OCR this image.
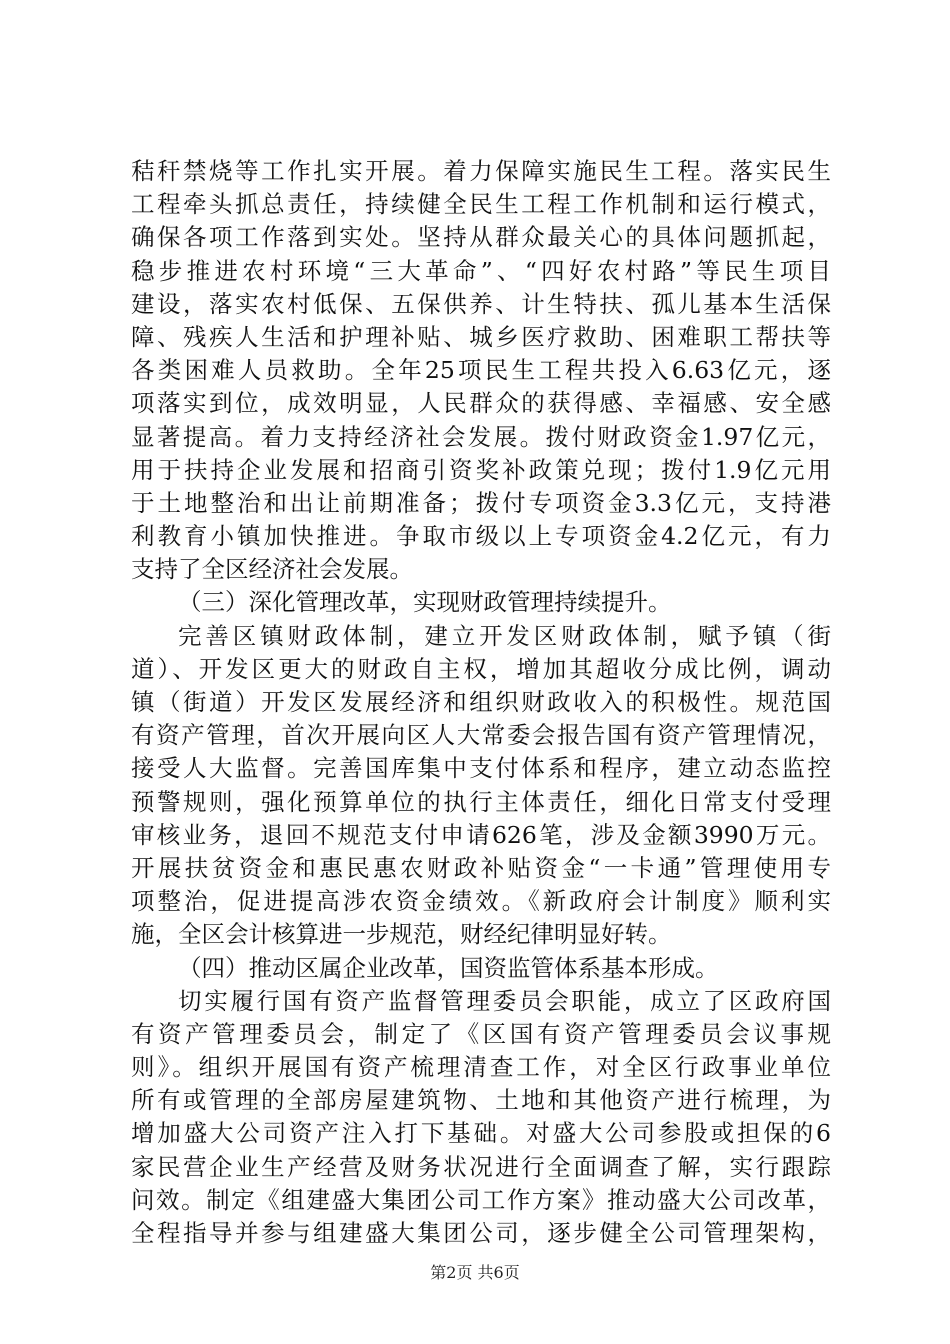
秸秆禁烧等工作扎实开展。着力保障实施民生工程。落实民生
工程牵头抓总责任，持续健全民生工程工作机制和运行模式，
确保各项工作落到实处。坚持从群众最关心的具体问题抓起，
稳步推进农村环境“三大革命”、“四好农村路”等民生项目
建设，落实农村低保、五保供养、计生特扶、孤儿基本生活保
障、残疾人生活和护理补贴、城乡医疗救助、困难职工帮扶等
各类困难人员救助。全年25项民生工程共投入6.63亿元，逐
项落实到位，成效明显，人民群众的获得感、幸福感、安全感
显著提高。着力支持经济社会发展。拨付财政资金1.97亿元，
用于扶持企业发展和招商引资奖补政策兑现；拨付1.9亿元用
于土地整治和出让前期准备；拨付专项资金3.3亿元，支持港
利教育小镇加快推进。争取市级以上专项资金4.2亿元，有力
支持了全区经济社会发展。
（三）深化管理改革，实现财政管理持续提升。
完善区镇财政体制，建立开发区财政体制，赋予镇（街
道）、开发区更大的财政自主权，增加其超收分成比例，调动
镇（街道）开发区发展经济和组织财政收入的积极性。规范国
有资产管理，首次开展向区人大常委会报告国有资产管理情况，
接受人大监督。完善国库集中支付体系和程序，建立动态监控
预警规则，强化预算单位的执行主体责任，细化日常支付受理
审核业务，退回不规范支付申请626笔，涉及金额3990万元。
开展扶贫资金和惠民惠农财政补贴资金“一卡通”管理使用专
项整治，促进提高涉农资金绩效。《新政府会计制度》顺利实
施，全区会计核算进一步规范，财经纪律明显好转。
（四）推动区属企业改革，国资监管体系基本形成。
切实履行国有资产监督管理委员会职能，成立了区政府国
有资产管理委员会，制定了《区国有资产管理委员会议事规
则》。组织开展国有资产梳理清查工作，对全区行政事业单位
所有或管理的全部房屋建筑物、土地和其他资产进行梳理，为
增加盛大公司资产注入打下基础。对盛大公司参股或担保的6
家民营企业生产经营及财务状况进行全面调查了解，实行跟踪
问效。制定《组建盛大集团公司工作方案》推动盛大公司改革，
全程指导并参与组建盛大集团公司，逐步健全公司管理架构，
第2页 共6页
